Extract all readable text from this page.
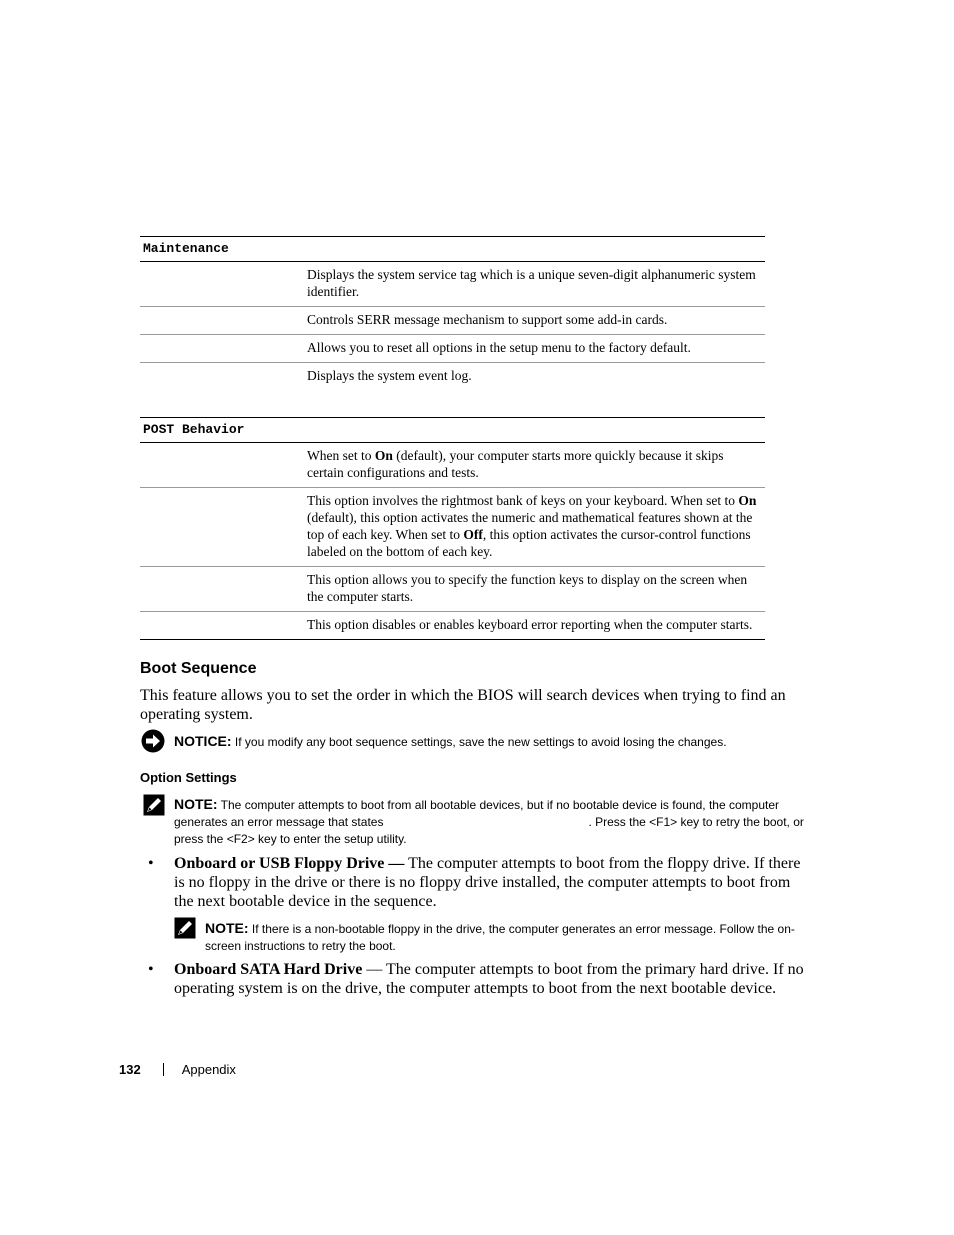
Maintenance	
	Displays the system service tag which is a unique seven-digit alphanumeric system identifier.
	Controls SERR message mechanism to support some add-in cards.
	Allows you to reset all options in the setup menu to the factory default.
	Displays the system event log.
POST Behavior	
	When set to On (default), your computer starts more quickly because it skips certain configurations and tests.
	This option involves the rightmost bank of keys on your keyboard. When set to On (default), this option activates the numeric and mathematical features shown at the top of each key. When set to Off, this option activates the cursor-control functions labeled on the bottom of each key.
	This option allows you to specify the function keys to display on the screen when the computer starts.
	This option disables or enables keyboard error reporting when the computer starts.
Boot Sequence
This feature allows you to set the order in which the BIOS will search devices when trying to find an operating system.
NOTICE: If you modify any boot sequence settings, save the new settings to avoid losing the changes.
Option Settings
NOTE: The computer attempts to boot from all bootable devices, but if no bootable device is found, the computer generates an error message that states	. Press the <F1> key to retry the boot, or press the <F2> key to enter the setup utility.
• Onboard or USB Floppy Drive — The computer attempts to boot from the floppy drive. If there is no floppy in the drive or there is no floppy drive installed, the computer attempts to boot from the next bootable device in the sequence.
NOTE: If there is a non-bootable floppy in the drive, the computer generates an error message. Follow the on-screen instructions to retry the boot.
• Onboard SATA Hard Drive — The computer attempts to boot from the primary hard drive. If no operating system is on the drive, the computer attempts to boot from the next bootable device.
132	Appendix
